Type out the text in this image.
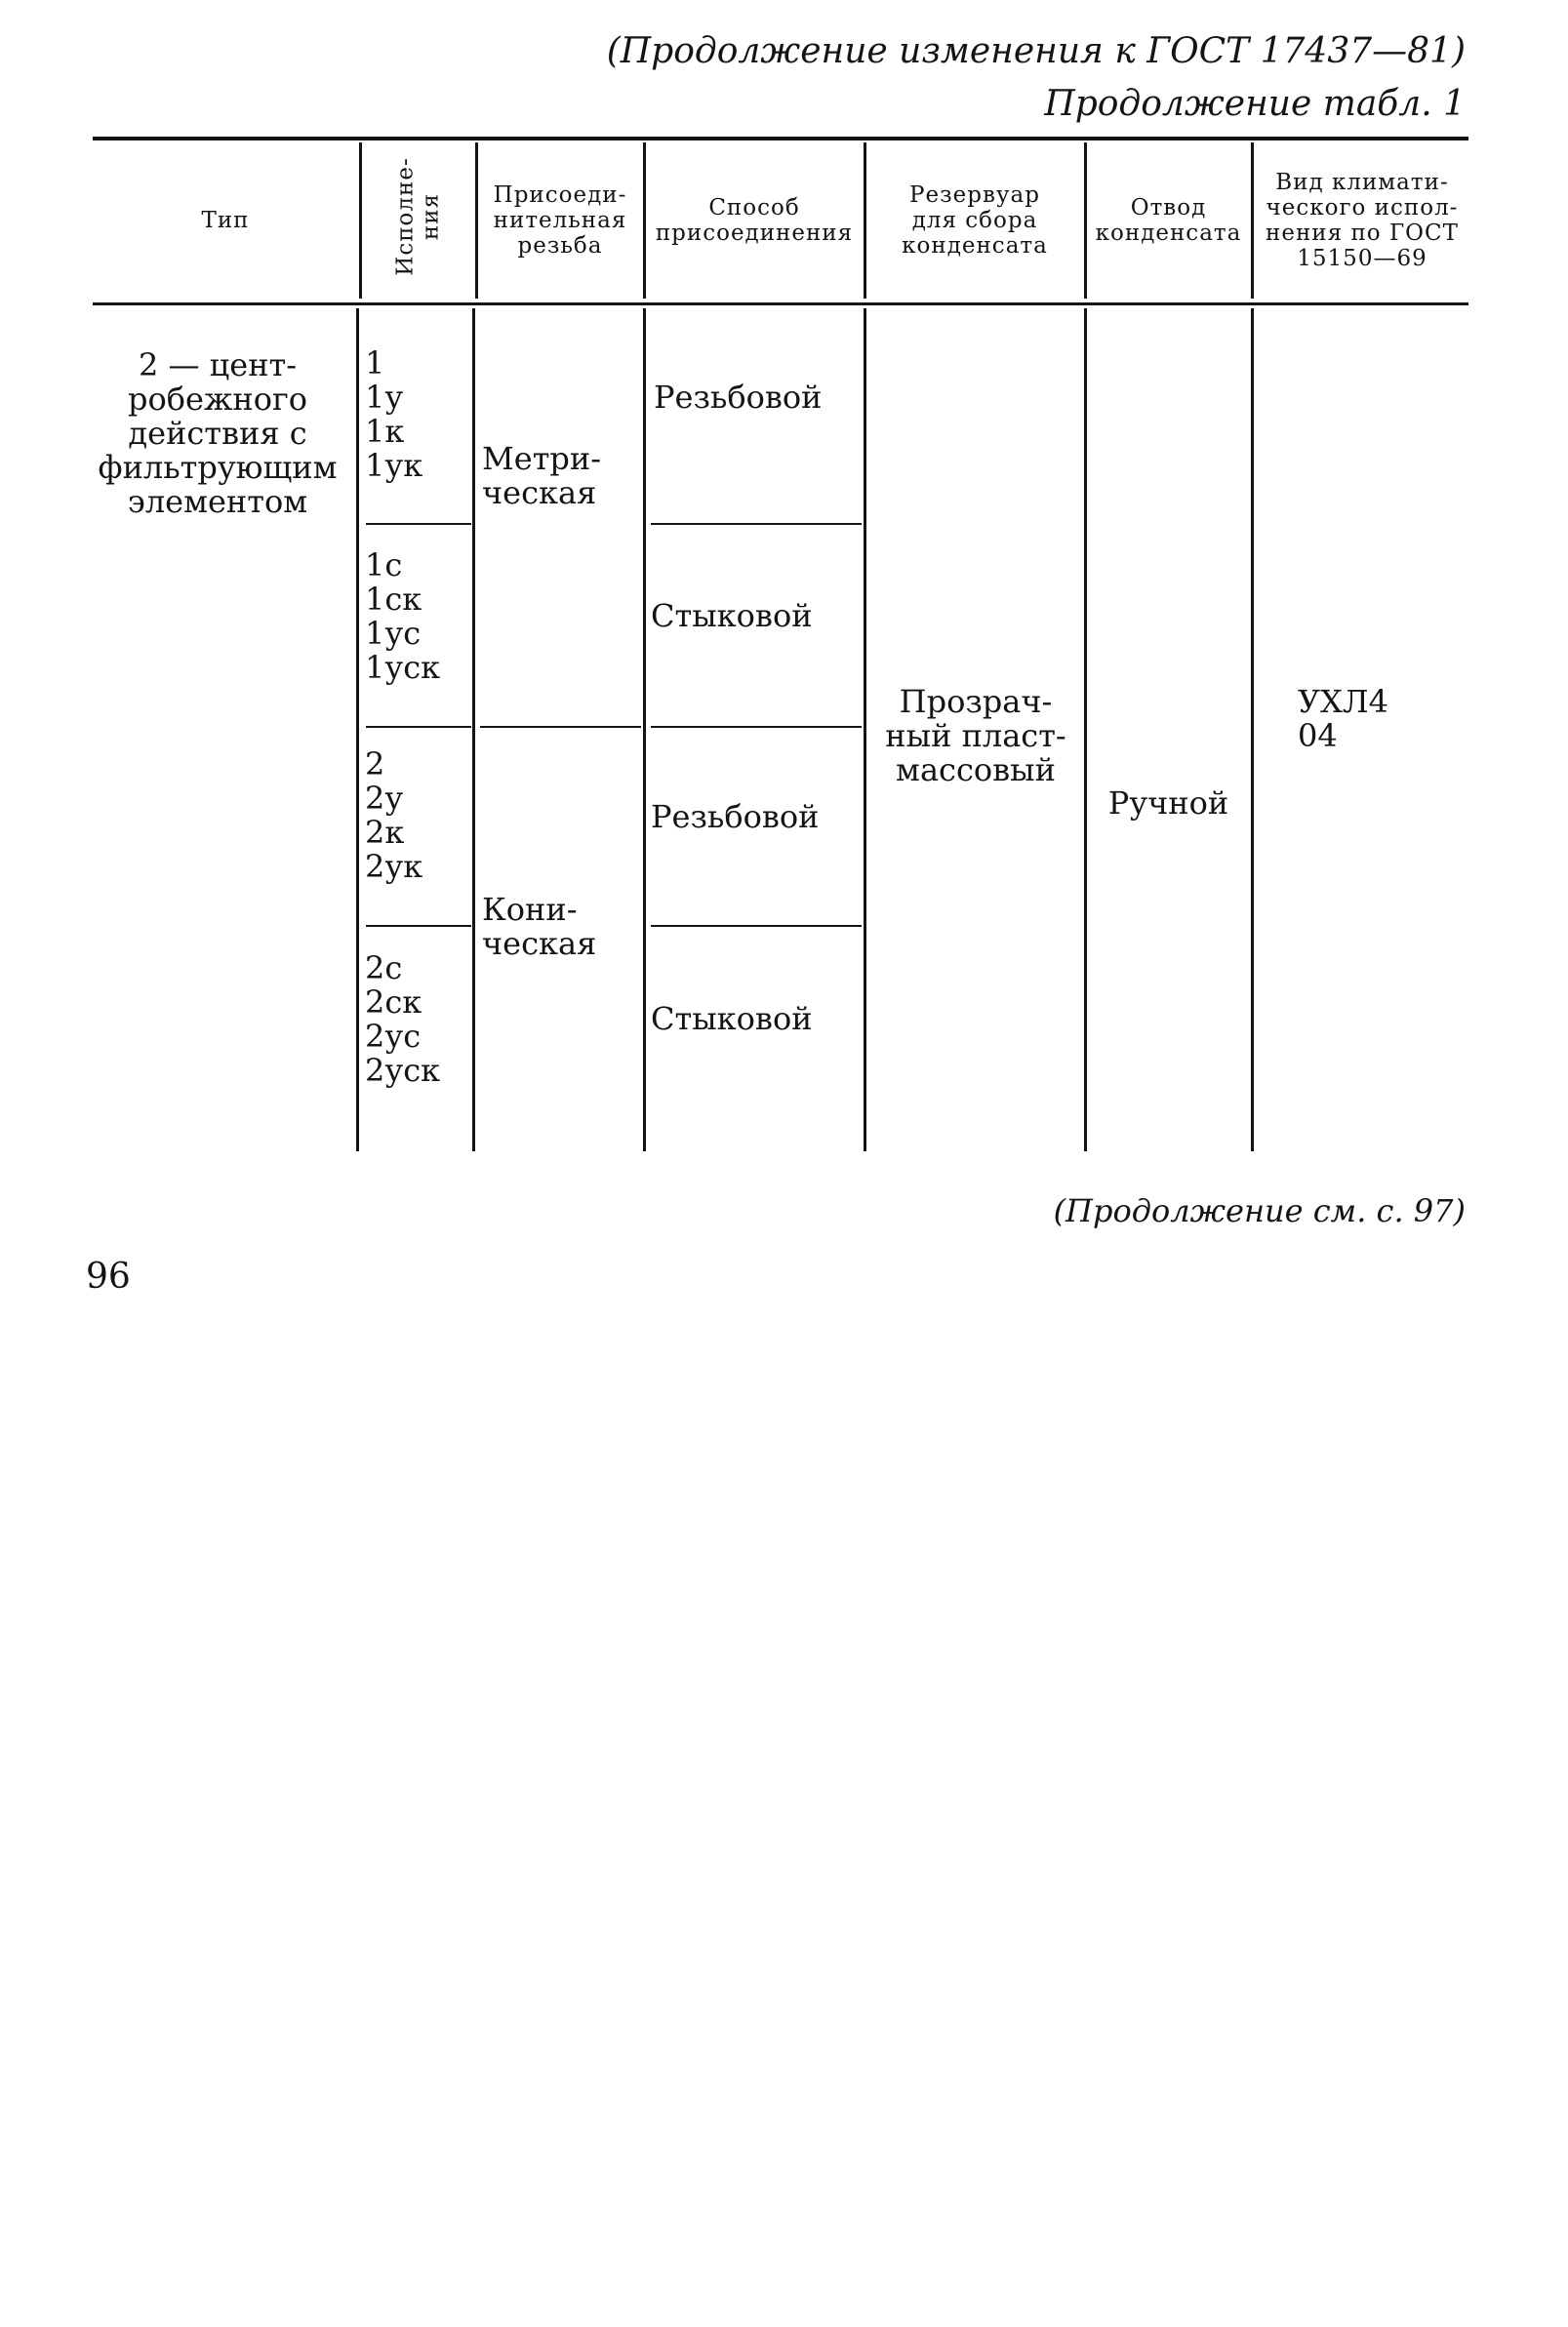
(Продолжение изменения к ГОСТ 17437—81)
Продолжение табл. 1
Тип	Исполне-
ния	Присоеди-
нительная
резьба
Способ
присоединения
Резервуар
для сбора
конденсата
Отвод
конденсата
Вид климати-
ческого испол-
нения по ГОСТ
15150—69
2 — цент-
робежного
действия с
фильтрующим
элементом
1
1у
1к
1ук
1с
1ск
1ус
1уск
2
2у
2к
2ук
2с
2ск
2ус
2уск
Метри-
ческая
Кони-
ческая
Резьбовой
Стыковой
Резьбовой
Стыковой
Прозрач-
ный пласт-
массовый
Ручной
УХЛ4
04
(Продолжение см. с. 97)
96
